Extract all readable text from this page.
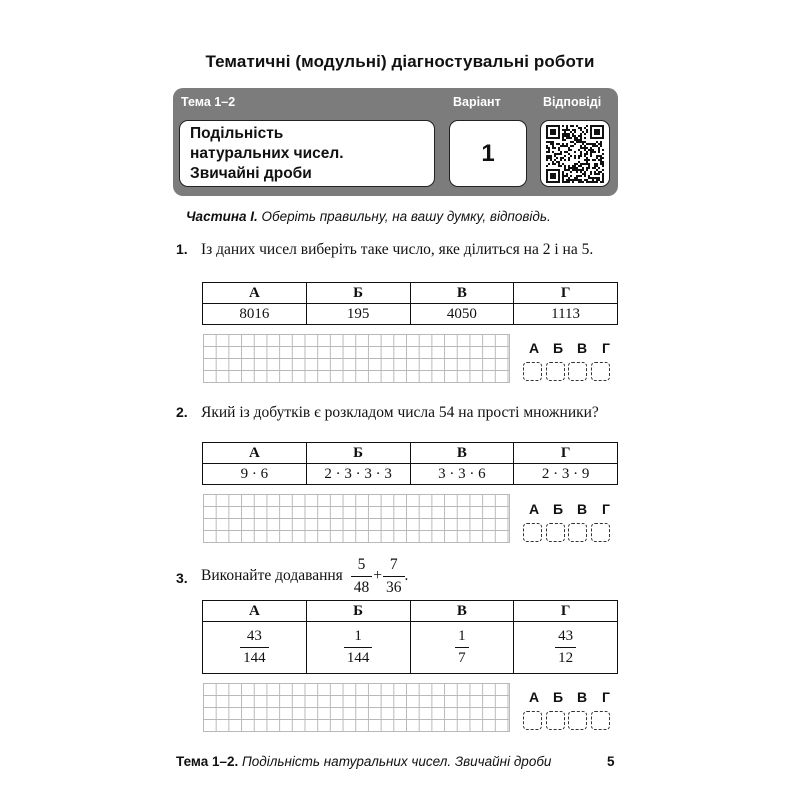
Тематичні (модульні) діагностувальні роботи
Тема 1–2	Варіант	Відповіді
Подільність
натуральних чисел.
Звичайні дроби
1
Частина І. Оберіть правильну, на вашу думку, відповідь.
1. Із даних чисел виберіть таке число, яке ділиться на 2 і на 5.
А	Б	В	Г
8016	195	4050	1113
А Б В	Г
2. Який із добутків є розкладом числа 54 на прості множники?
А	Б	В	Г
9 · 6	2 · 3 · 3 · 3	3 · 3 · 6	2 · 3 · 9
А Б В	Г
3. Виконайте додавання $\frac{5}{48} + \frac{7}{36}$ .
А	Б	В	Г

$\frac{43}{144}$	$\frac{1}{144}$	$\frac{1}{7}$	$\frac{43}{12}$
А Б В	Г
Тема 1–2. Подільність натуральних чисел. Звичайні дроби	5
